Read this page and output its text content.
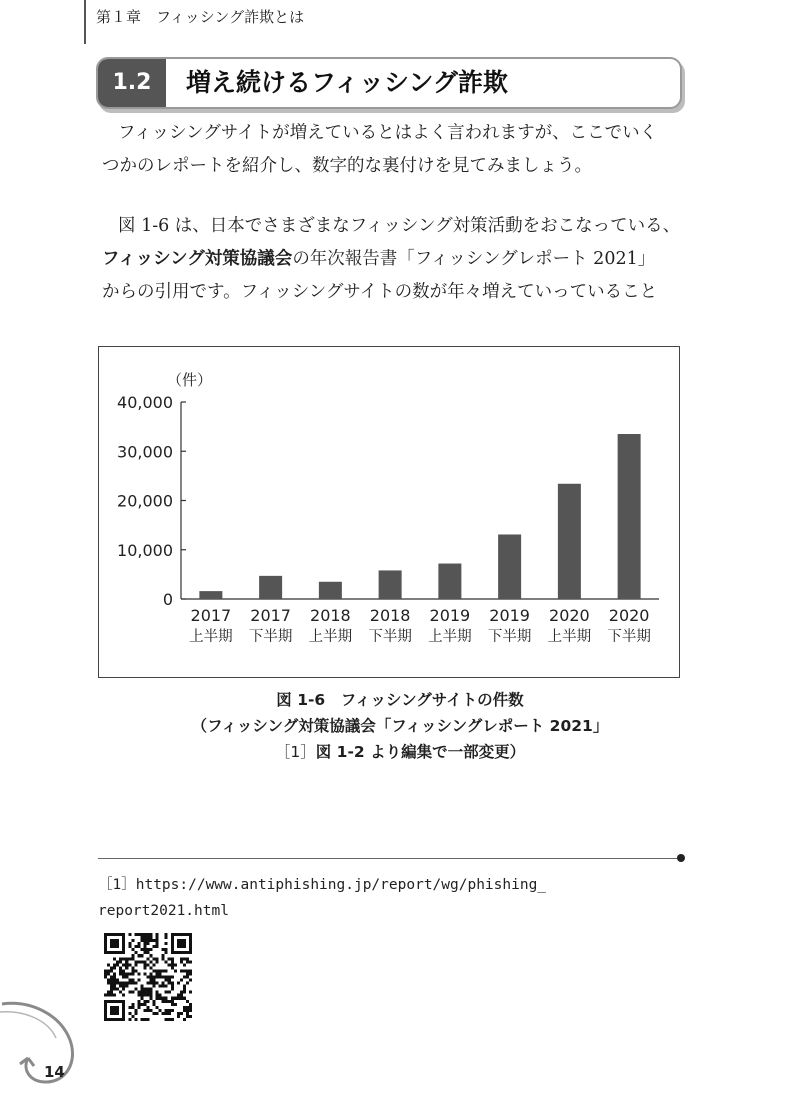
第１章　フィッシング詐欺とは
1.2	増え続けるフィッシング詐欺

フィッシングサイトが増えているとはよく言われますが、ここでいく

つかのレポートを紹介し、数字的な裏付けを見てみましょう。

図 1-6 は、日本でさまざまなフィッシング対策活動をおこなっている、

フィッシング対策協議会の年次報告書「フィッシングレポート 2021」

からの引用です。フィッシングサイトの数が年々増えていっていること

（件）
40,000
30,000
20,000
10,000
0
2017
上半期
2017
下半期
2018
上半期
2018
下半期
2019
上半期
2019
下半期
2020
上半期
2020
下半期
図 1-6　フィッシングサイトの件数
（フィッシング対策協議会「フィッシングレポート 2021」
［1］図 1-2 より編集で一部変更）
［1］https://www.antiphishing.jp/report/wg/phishing_
report2021.html
14
